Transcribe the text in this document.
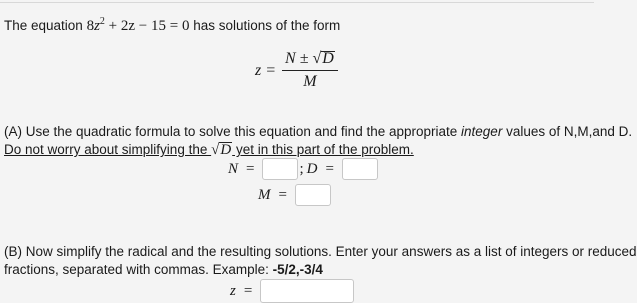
The equation $8z^2 + 2z - 15 = 0$ has solutions of the form
$z = \frac{N \pm √D}{M}$
(A) Use the quadratic formula to solve this equation and find the appropriate integer values of N,M,and D.
Do not worry about simplifying the √D yet in this part of the problem.
N =	; D =
M =
(B) Now simplify the radical and the resulting solutions. Enter your answers as a list of integers or reduced
fractions, separated with commas. Example: -5/2,-3/4
z =
